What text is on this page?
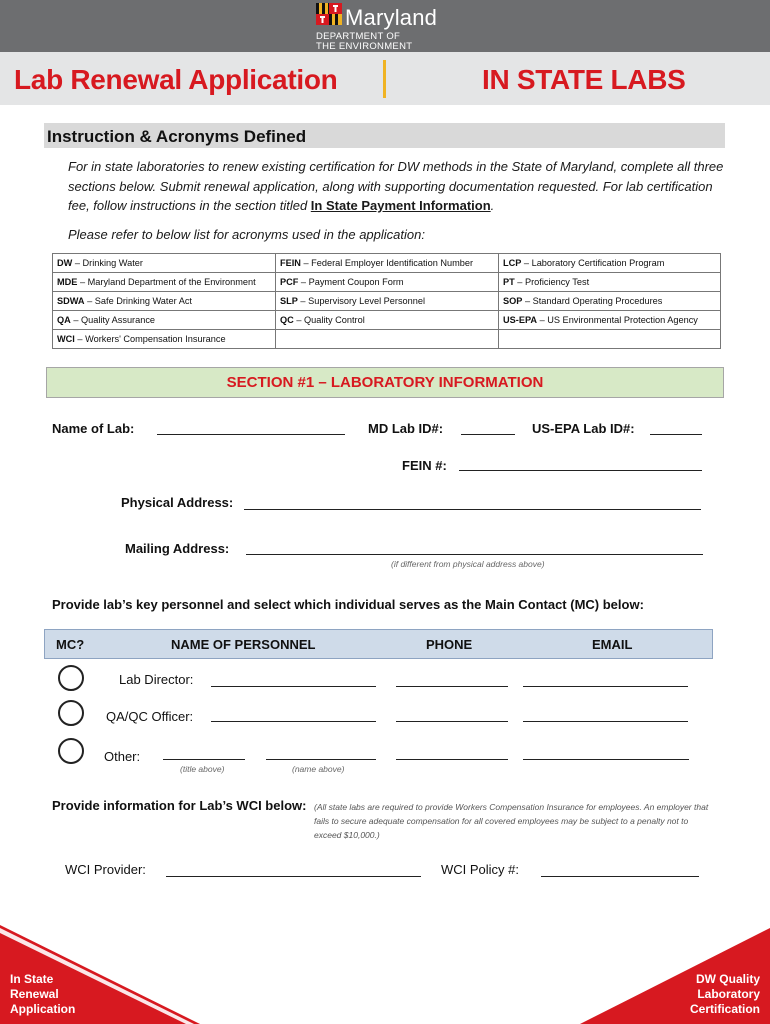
Maryland
DEPARTMENT OF
THE ENVIRONMENT
Lab Renewal Application	IN STATE LABS
Instruction & Acronyms Defined
For in state laboratories to renew existing certification for DW methods in the State of Maryland, complete all three sections below. Submit renewal application, along with supporting documentation requested. For lab certification fee, follow instructions in the section titled In State Payment Information.
Please refer to below list for acronyms used in the application:
DW – Drinking Water	FEIN – Federal Employer Identification Number	LCP – Laboratory Certification Program
MDE – Maryland Department of the Environment	PCF – Payment Coupon Form	PT – Proficiency Test
SDWA – Safe Drinking Water Act	SLP – Supervisory Level Personnel	SOP – Standard Operating Procedures
QA – Quality Assurance	QC – Quality Control	US-EPA – US Environmental Protection Agency
WCI – Workers' Compensation Insurance		
SECTION #1 – LABORATORY INFORMATION
Name of Lab:	MD Lab ID#:	US-EPA Lab ID#:
FEIN #:
Physical Address:
Mailing Address:
(if different from physical address above)
Provide lab’s key personnel and select which individual serves as the Main Contact (MC) below:
MC?	NAME OF PERSONNEL	PHONE	EMAIL
Lab Director:
QA/QC Officer:
Other:
(title above)	(name above)
Provide information for Lab’s WCI below: (All state labs are required to provide Workers Compensation Insurance for employees. An employer that fails to secure adequate compensation for all covered employees may be subject to a penalty not to exceed $10,000.)
WCI Provider:	WCI Policy #:
In State
Renewal
Application
DW Quality
Laboratory
Certification
